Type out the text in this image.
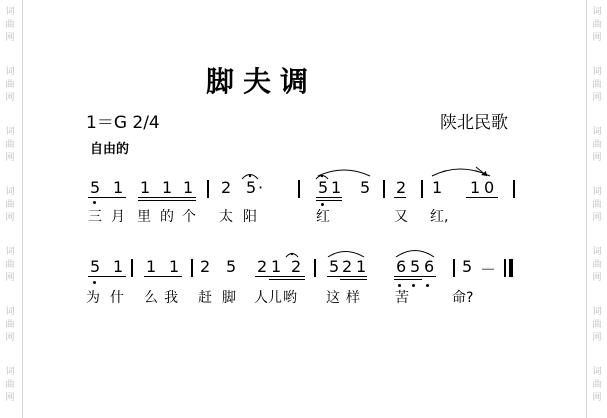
词
曲
网
词
曲
网
词
曲
网
词
曲
网
词
曲
网
词
曲
网
词
曲
网
词
曲
网
词
曲
网
词
曲
网
词
曲
网
词
曲
网
词
曲
网
词
曲
网
脚夫调
1＝G 2/4	陕北民歌
自由的
5 1 1 1 1 2 5 ·	5 1 5 2 1 1 0
三 月 里 的 个 太 阳	红	又 红,
5 1 1 1 2 5 2 1 2 5 2 1 6 5 6 5 －
为 什 么 我 赶 脚 人 儿 哟 这 样	苦	命?
